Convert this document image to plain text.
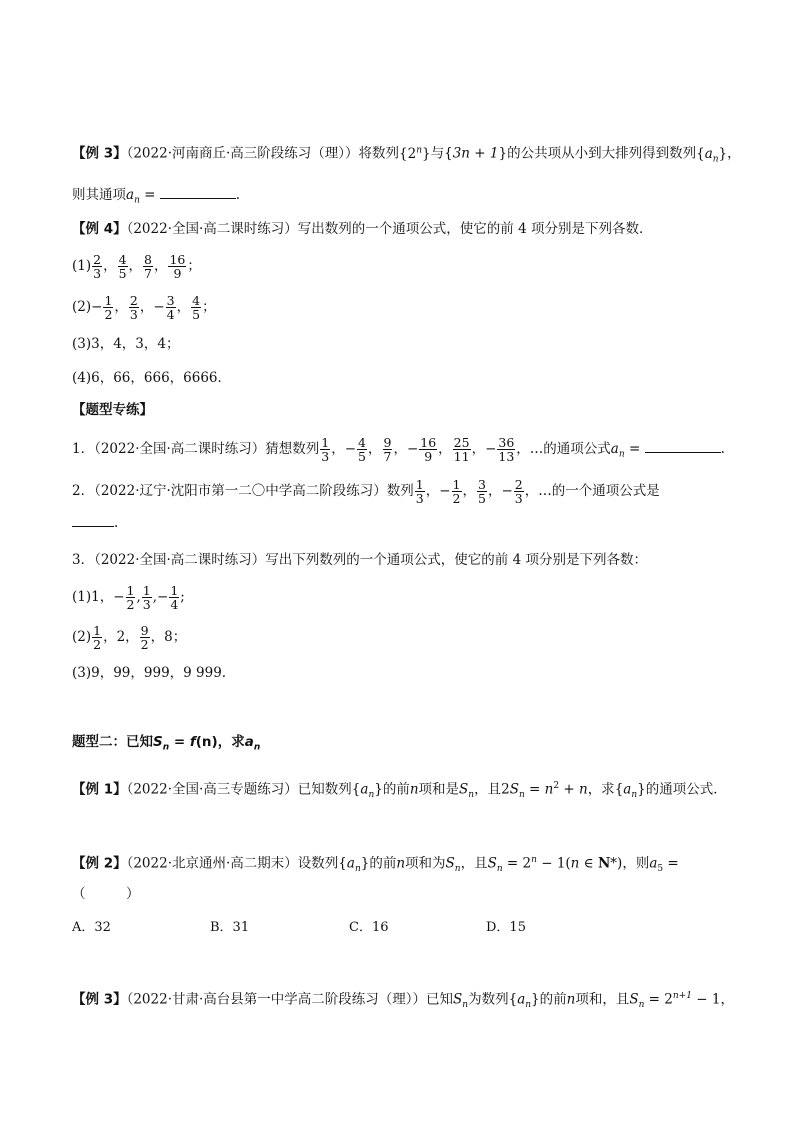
【例 3】（2022·河南商丘·高三阶段练习（理））将数列{2$^n$}与{3n + 1}的公共项从小到大排列得到数列$\{a_n\}$，
则其通项$a_n$ =	.
【例 4】（2022·全国·高二课时练习）写出数列的一个通项公式，使它的前 4 项分别是下列各数．
$(1) \frac{2}{3}$ ， $\frac{4}{5}$ ， $\frac{8}{7}$ ， $\frac{16}{9}$ ；
$(2)- \frac{1}{2}$ ， $\frac{2}{3}$ ，− $\frac{3}{4}$ ， $\frac{4}{5}$ ；
(3)3，4，3，4；
(4)6，66，666，6666．
【题型专练】
1．（2022·全国·高二课时练习）猜想数列 $\frac{1}{3}$ ，− $\frac{4}{5}$ ， $\frac{9}{7}$ ，− $\frac{16}{9}$ ， $\frac{25}{11}$ ，− $\frac{36}{13}$ ，…的通项公式$a_n$ =	.
2．（2022·辽宁·沈阳市第一二〇中学高二阶段练习）数列 $\frac{1}{3}$ ，− $\frac{1}{2}$ ， $\frac{3}{5}$ ，− $\frac{2}{3}$ ，…的一个通项公式是
.
3．（2022·全国·高二课时练习）写出下列数列的一个通项公式，使它的前 4 项分别是下列各数：
(1)1，− $\frac{1}{2}$ , $\frac{1}{3}$ ,− $\frac{1}{4}$ ;
$(2) \frac{1}{2}$ ，2， $\frac{9}{2}$ ，8；
(3)9，99，999，9 999.
题型二：已知$S_n = f(n)$，求$a_n$
【例 1】（2022·全国·高三专题练习）已知数列$\{a_n\}$的前n项和是$S_n$，且$2S_n = n^2 + n$，求$\{a_n\}$的通项公式．
【例 2】（2022·北京通州·高二期末）设数列$\{a_n\}$的前n项和为$S_n$，且$S_n = 2^n - 1(n$ ∈ N*)，则$a_5$ =
（　　　）
A．32	B．31	C．16	D．15
【例 3】（2022·甘肃·高台县第一中学高二阶段练习（理））已知$S_n$为数列$\{a_n\}$的前n项和，且$S_n = 2^{n+1} - 1$，
